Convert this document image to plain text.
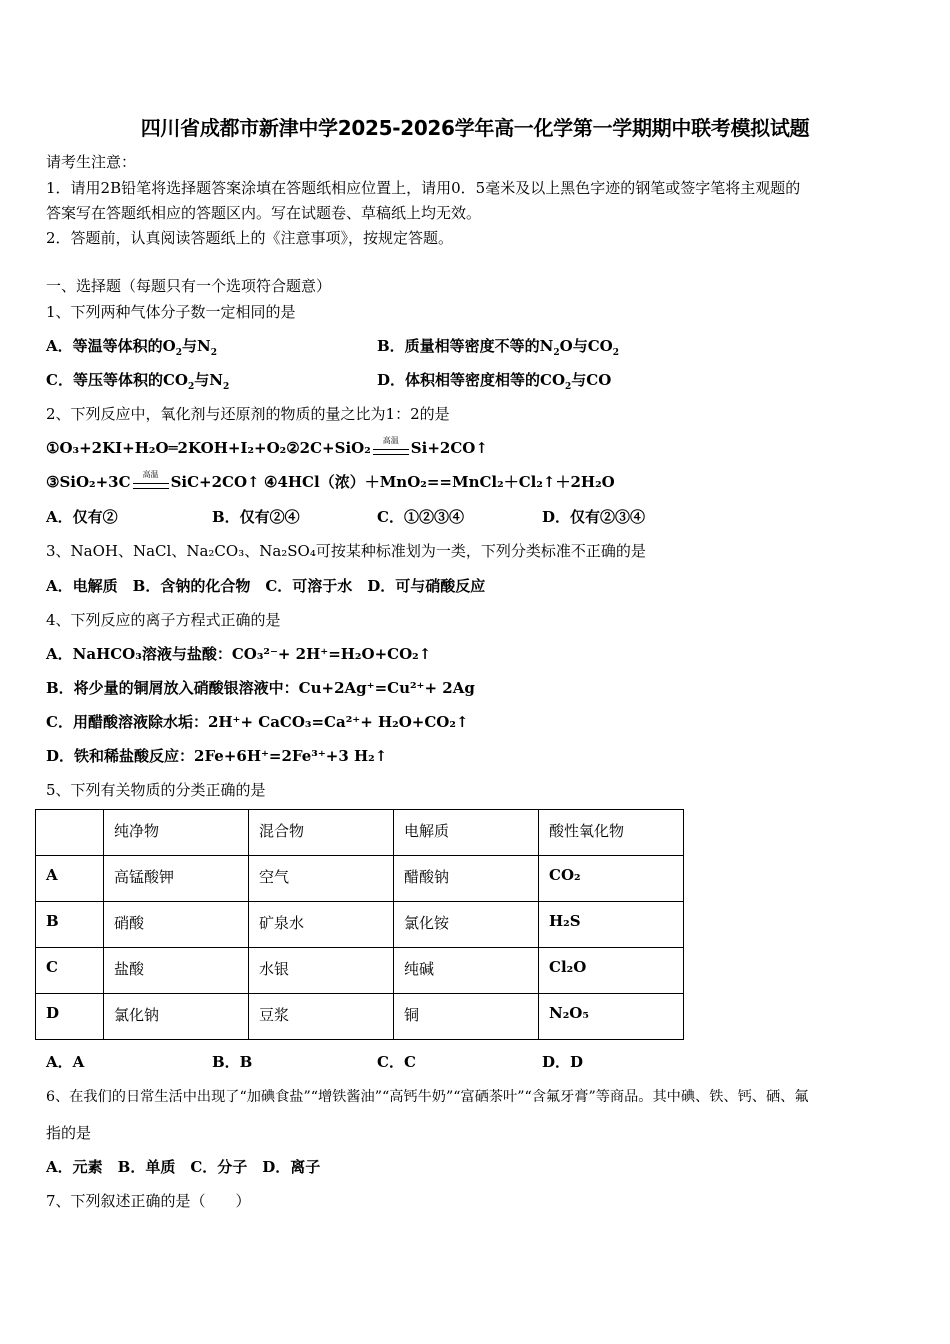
四川省成都市新津中学2025-2026学年高一化学第一学期期中联考模拟试题
请考生注意：
1．请用2B铅笔将选择题答案涂填在答题纸相应位置上，请用0．5毫米及以上黑色字迹的钢笔或签字笔将主观题的
答案写在答题纸相应的答题区内。写在试题卷、草稿纸上均无效。
2．答题前，认真阅读答题纸上的《注意事项》，按规定答题。
一、选择题（每题只有一个选项符合题意）
1、下列两种气体分子数一定相同的是
A．等温等体积的$O_2$与$N_2$	B．质量相等密度不等的$N_2O$与$CO_2$
C．等压等体积的$CO_2$与$N_2$	D．体积相等密度相等的$CO_2$与CO
2、下列反应中，氧化剂与还原剂的物质的量之比为1：2的是
①O₃+2KI+H₂O═2KOH+I₂+O₂②2C+SiO₂	高温 Si+2CO↑
③SiO₂+3C	高温 SiC+2CO↑ ④4HCl（浓）＋MnO₂==MnCl₂＋Cl₂↑＋2H₂O
A．仅有②	B．仅有②④	C．①②③④	D．仅有②③④
3、NaOH、NaCl、Na₂CO₃、Na₂SO₄可按某种标准划为一类，下列分类标准不正确的是
A．电解质　B．含钠的化合物　C．可溶于水　D．可与硝酸反应
4、下列反应的离子方程式正确的是
A．NaHCO₃溶液与盐酸：CO₃²⁻+ 2H⁺=H₂O+CO₂↑
B．将少量的铜屑放入硝酸银溶液中：Cu+2Ag⁺=Cu²⁺+ 2Ag
C．用醋酸溶液除水垢：2H⁺+ CaCO₃=Ca²⁺+ H₂O+CO₂↑
D．铁和稀盐酸反应：2Fe+6H⁺=2Fe³⁺+3 H₂↑
5、下列有关物质的分类正确的是
	纯净物	混合物	电解质	酸性氧化物
A	高锰酸钾	空气	醋酸钠	CO₂
B	硝酸	矿泉水	氯化铵	H₂S
C	盐酸	水银	纯碱	Cl₂O
D	氯化钠	豆浆	铜	N₂O₅
A．A	B．B	C．C	D．D
6、在我们的日常生活中出现了“加碘食盐”“增铁酱油”“高钙牛奶”“富硒茶叶”“含氟牙膏”等商品。其中碘、铁、钙、硒、氟
指的是
A．元素　B．单质　C．分子　D．离子
7、下列叙述正确的是（　　）
